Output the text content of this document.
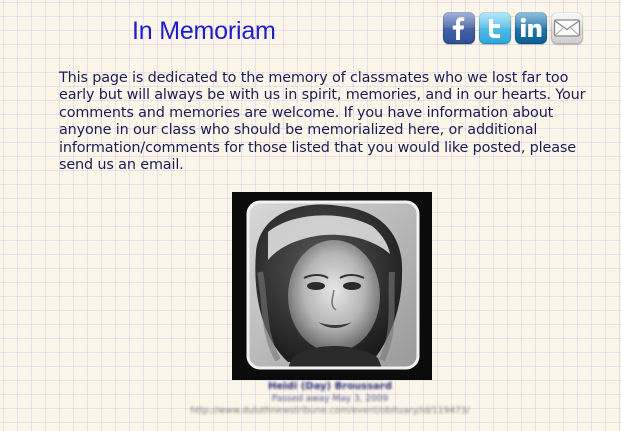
In Memoriam

This page is dedicated to the memory of classmates who we lost far too early but will always be with us in spirit, memories, and in our hearts. Your comments and memories are welcome. If you have information about anyone in our class who should be memorialized here, or additional information/comments for those listed that you would like posted, please send us an email.

Heidi (Day) Broussard
Passed away May 3, 2009
http://www.duluthnewstribune.com/event/obituary/id/119473/
